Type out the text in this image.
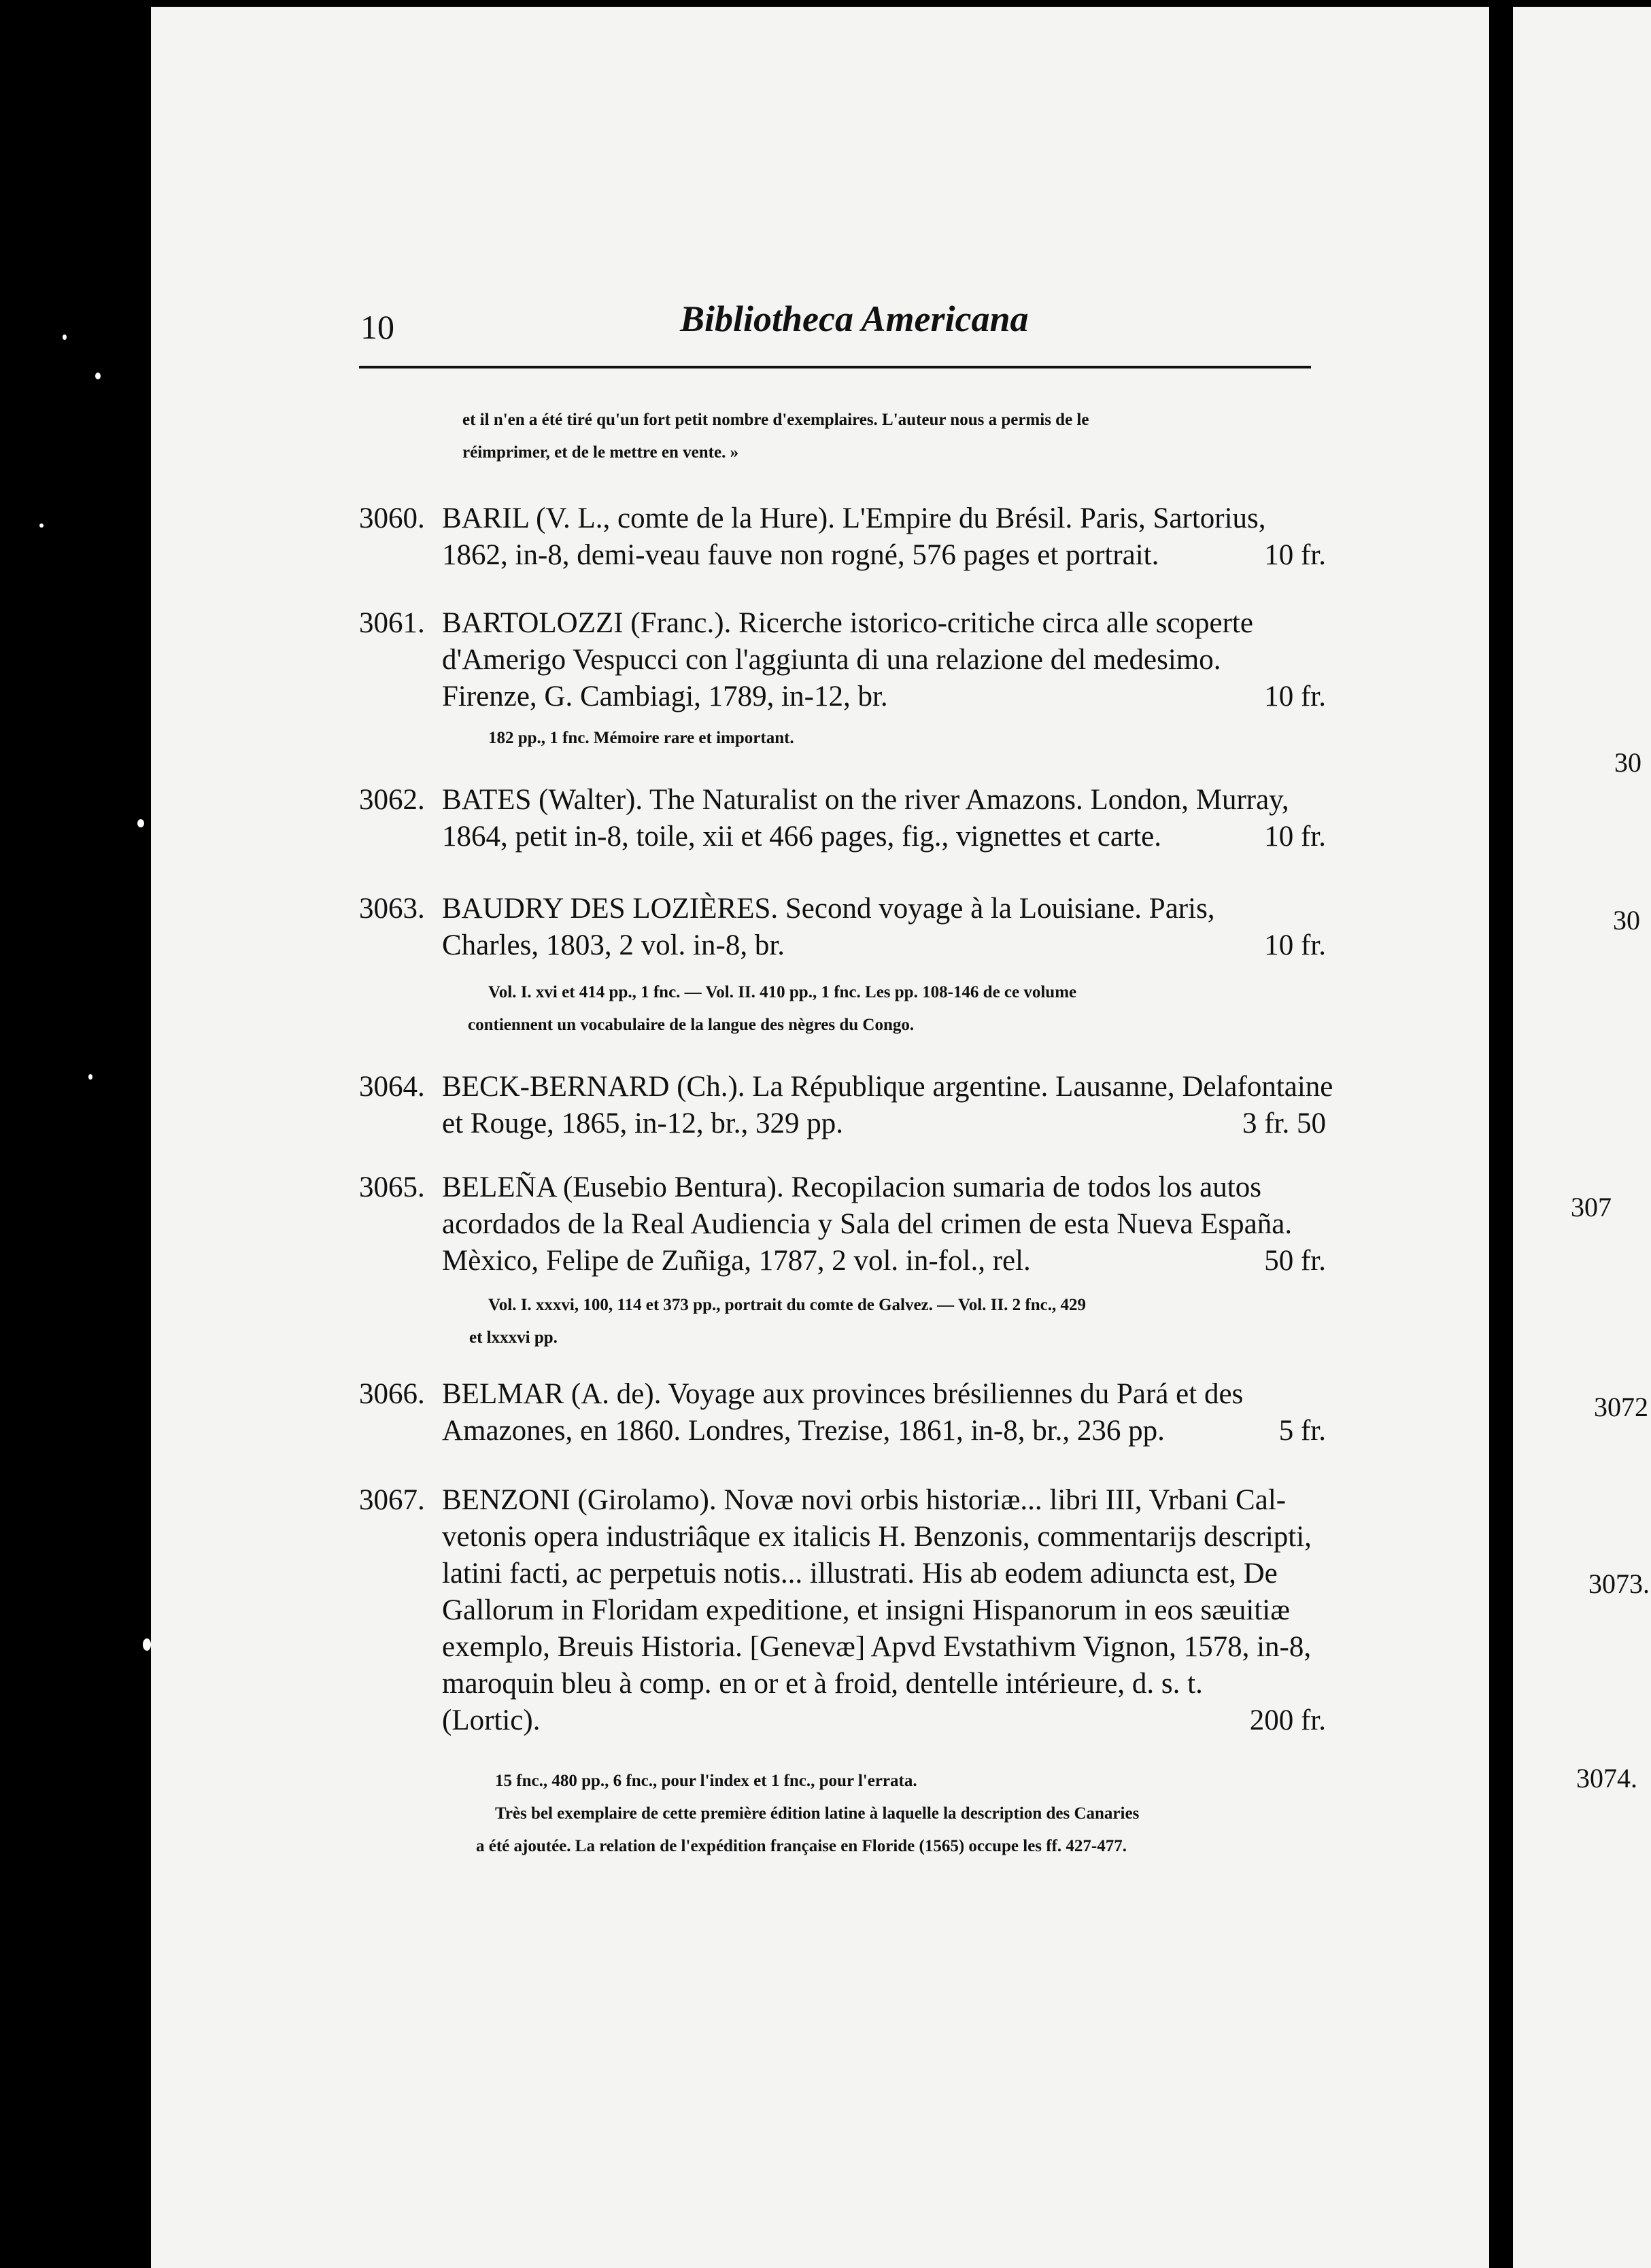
10	Bibliotheca Americana
et il n'en a été tiré qu'un fort petit nombre d'exemplaires. L'auteur nous a permis de le
réimprimer, et de le mettre en vente. »
3060. BARIL (V. L., comte de la Hure). L'Empire du Brésil. Paris, Sartorius,
1862, in-8, demi-veau fauve non rogné, 576 pages et portrait.	10 fr.
3061. BARTOLOZZI (Franc.). Ricerche istorico-critiche circa alle scoperte
d'Amerigo Vespucci con l'aggiunta di una relazione del medesimo.
Firenze, G. Cambiagi, 1789, in-12, br.	10 fr.
182 pp., 1 fnc. Mémoire rare et important.
3062. BATES (Walter). The Naturalist on the river Amazons. London, Murray,
1864, petit in-8, toile, xii et 466 pages, fig., vignettes et carte.	10 fr.
3063. BAUDRY DES LOZIÈRES. Second voyage à la Louisiane. Paris,
Charles, 1803, 2 vol. in-8, br.	10 fr.
Vol. I. xvi et 414 pp., 1 fnc. — Vol. II. 410 pp., 1 fnc. Les pp. 108-146 de ce volume
contiennent un vocabulaire de la langue des nègres du Congo.
3064. BECK-BERNARD (Ch.). La République argentine. Lausanne, Delafontaine
et Rouge, 1865, in-12, br., 329 pp.	3 fr. 50
3065. BELEÑA (Eusebio Bentura). Recopilacion sumaria de todos los autos
acordados de la Real Audiencia y Sala del crimen de esta Nueva España.
Mèxico, Felipe de Zuñiga, 1787, 2 vol. in-fol., rel.	50 fr.
Vol. I. xxxvi, 100, 114 et 373 pp., portrait du comte de Galvez. — Vol. II. 2 fnc., 429
et lxxxvi pp.
3066. BELMAR (A. de). Voyage aux provinces brésiliennes du Pará et des
Amazones, en 1860. Londres, Trezise, 1861, in-8, br., 236 pp.	5 fr.
3067. BENZONI (Girolamo). Novæ novi orbis historiæ... libri III, Vrbani Cal-
vetonis opera industriâque ex italicis H. Benzonis, commentarijs descripti,
latini facti, ac perpetuis notis... illustrati. His ab eodem adiuncta est, De
Gallorum in Floridam expeditione, et insigni Hispanorum in eos sæuitiæ
exemplo, Breuis Historia. [Genevæ] Apvd Evstathivm Vignon, 1578, in-8,
maroquin bleu à comp. en or et à froid, dentelle intérieure, d. s. t.
(Lortic).	200 fr.
15 fnc., 480 pp., 6 fnc., pour l'index et 1 fnc., pour l'errata.
Très bel exemplaire de cette première édition latine à laquelle la description des Canaries
a été ajoutée. La relation de l'expédition française en Floride (1565) occupe les ff. 427-477.
30
30
307
3072
3073.
3074.
